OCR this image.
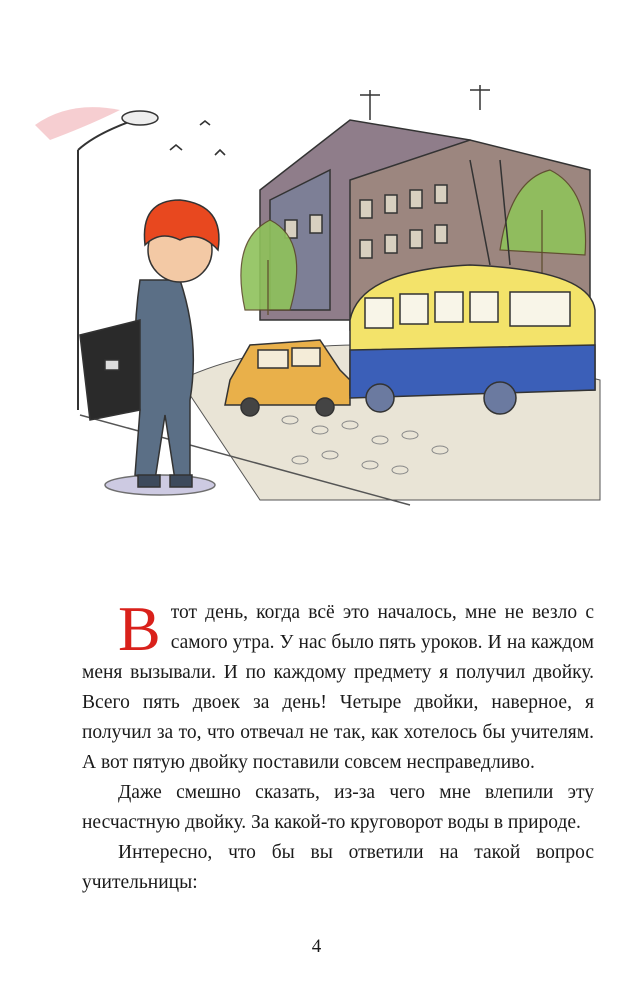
Втот день, когда всё это началось, мне не везло с самого утра. У нас было пять уроков. И на каждом меня вызывали. И по каждому предмету я получил двойку. Всего пять двоек за день! Четыре двойки, наверное, я получил за то, что отвечал не так, как хотелось бы учителям. А вот пятую двойку поставили совсем несправедливо.

Даже смешно сказать, из-за чего мне влепили эту несчастную двойку. За какой-то круговорот воды в природе.

Интересно, что бы вы ответили на такой вопрос учительницы:

4
